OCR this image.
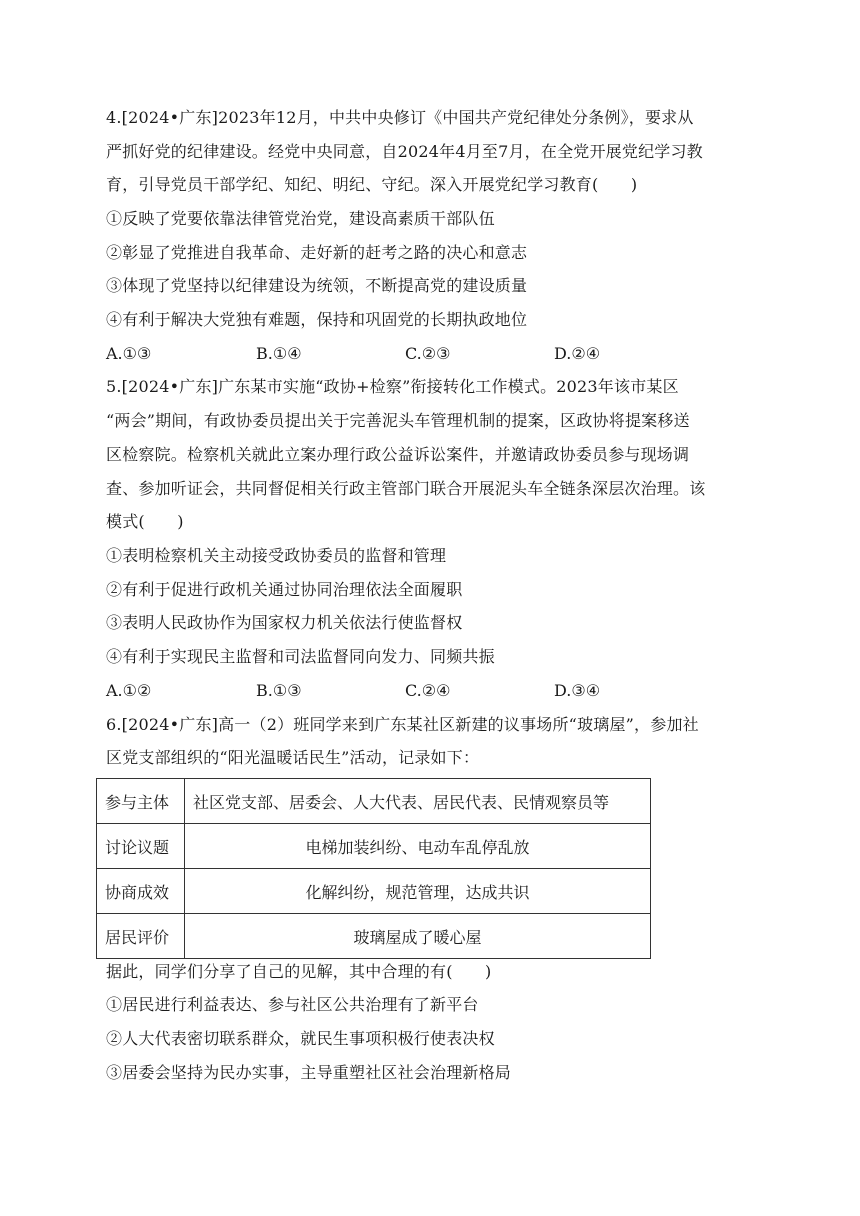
4.[2024•广东]2023年12月，中共中央修订《中国共产党纪律处分条例》，要求从
严抓好党的纪律建设。经党中央同意，自2024年4月至7月，在全党开展党纪学习教
育，引导党员干部学纪、知纪、明纪、守纪。深入开展党纪学习教育(　　)
①反映了党要依靠法律管党治党，建设高素质干部队伍
②彰显了党推进自我革命、走好新的赶考之路的决心和意志
③体现了党坚持以纪律建设为统领，不断提高党的建设质量
④有利于解决大党独有难题，保持和巩固党的长期执政地位
A.①③	B.①④	C.②③	D.②④
5.[2024•广东]广东某市实施“政协+检察”衔接转化工作模式。2023年该市某区
“两会”期间，有政协委员提出关于完善泥头车管理机制的提案，区政协将提案移送
区检察院。检察机关就此立案办理行政公益诉讼案件，并邀请政协委员参与现场调
查、参加听证会，共同督促相关行政主管部门联合开展泥头车全链条深层次治理。该
模式(　　)
①表明检察机关主动接受政协委员的监督和管理
②有利于促进行政机关通过协同治理依法全面履职
③表明人民政协作为国家权力机关依法行使监督权
④有利于实现民主监督和司法监督同向发力、同频共振
A.①②	B.①③	C.②④	D.③④
6.[2024•广东]高一（2）班同学来到广东某社区新建的议事场所“玻璃屋”，参加社
区党支部组织的“阳光温暖话民生”活动，记录如下：
参与主体	社区党支部、居委会、人大代表、居民代表、民情观察员等
讨论议题	电梯加装纠纷、电动车乱停乱放
协商成效	化解纠纷，规范管理，达成共识
居民评价	玻璃屋成了暖心屋
据此，同学们分享了自己的见解，其中合理的有(　　)
①居民进行利益表达、参与社区公共治理有了新平台
②人大代表密切联系群众，就民生事项积极行使表决权
③居委会坚持为民办实事，主导重塑社区社会治理新格局
